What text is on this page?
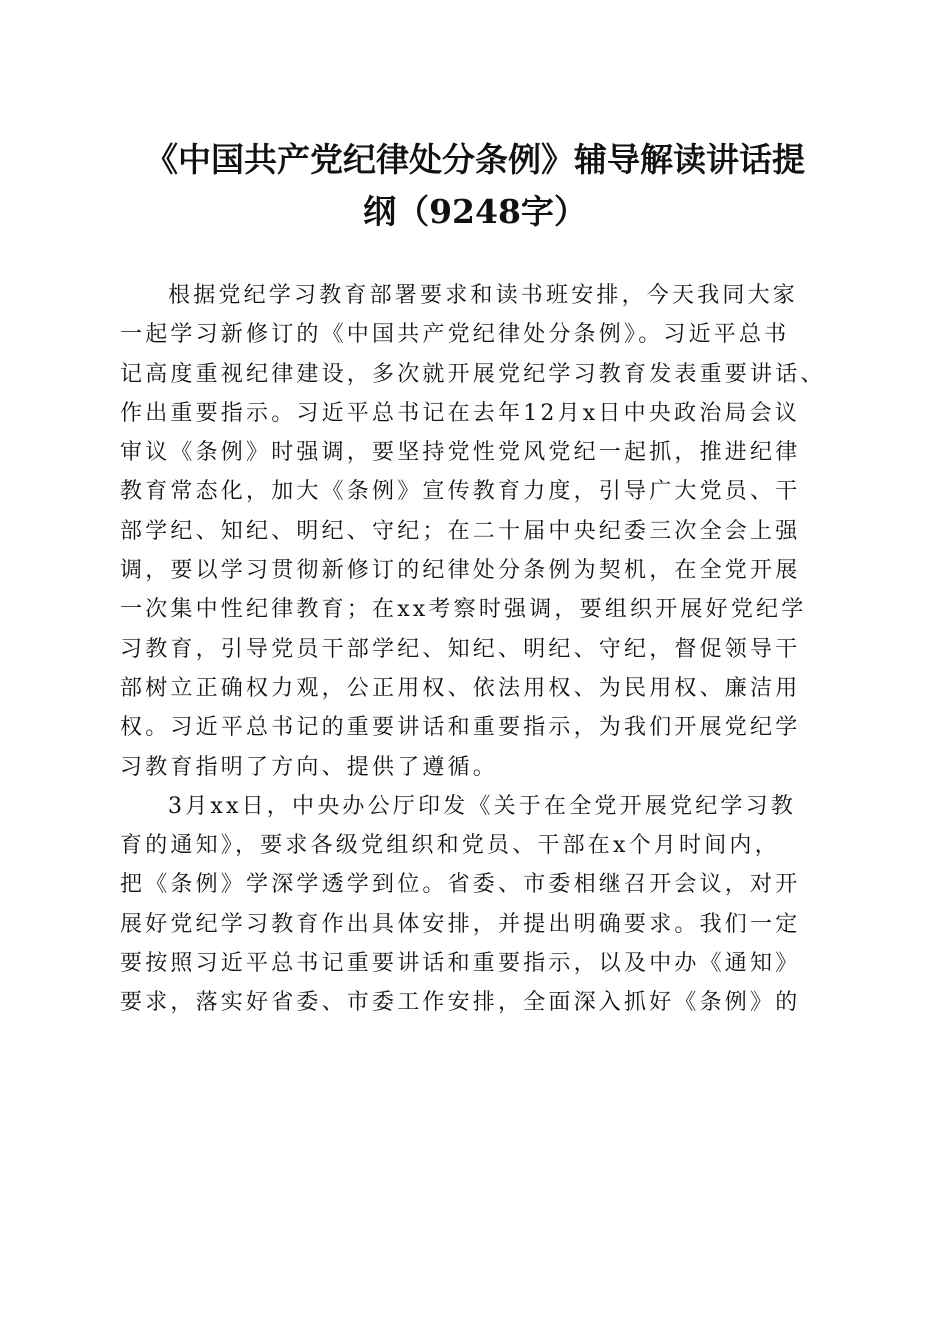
《中国共产党纪律处分条例》辅导解读讲话提
纲（9248字）
根据党纪学习教育部署要求和读书班安排，今天我同大家
一起学习新修订的《中国共产党纪律处分条例》。习近平总书
记高度重视纪律建设，多次就开展党纪学习教育发表重要讲话、
作出重要指示。习近平总书记在去年12月x日中央政治局会议
审议《条例》时强调，要坚持党性党风党纪一起抓，推进纪律
教育常态化，加大《条例》宣传教育力度，引导广大党员、干
部学纪、知纪、明纪、守纪；在二十届中央纪委三次全会上强
调，要以学习贯彻新修订的纪律处分条例为契机，在全党开展
一次集中性纪律教育；在xx考察时强调，要组织开展好党纪学
习教育，引导党员干部学纪、知纪、明纪、守纪，督促领导干
部树立正确权力观，公正用权、依法用权、为民用权、廉洁用
权。习近平总书记的重要讲话和重要指示，为我们开展党纪学
习教育指明了方向、提供了遵循。
3月xx日，中央办公厅印发《关于在全党开展党纪学习教
育的通知》，要求各级党组织和党员、干部在x个月时间内，
把《条例》学深学透学到位。省委、市委相继召开会议，对开
展好党纪学习教育作出具体安排，并提出明确要求。我们一定
要按照习近平总书记重要讲话和重要指示，以及中办《通知》
要求，落实好省委、市委工作安排，全面深入抓好《条例》的
